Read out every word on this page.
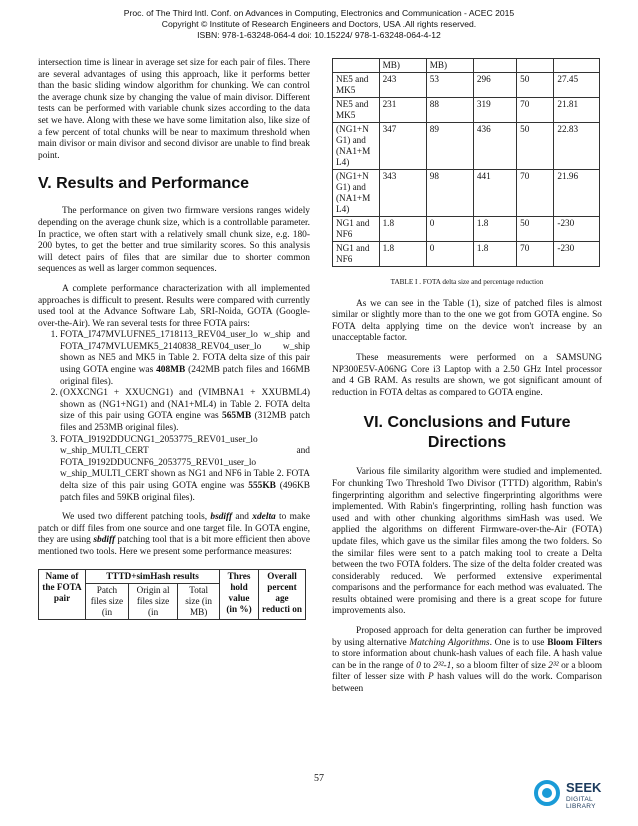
Proc. of The Third Intl. Conf. on Advances in Computing, Electronics and Communication - ACEC 2015
Copyright © Institute of Research Engineers and Doctors, USA .All rights reserved.
ISBN: 978-1-63248-064-4 doi: 10.15224/ 978-1-63248-064-4-12

intersection time is linear in average set size for each pair of files. There are several advantages of using this approach, like it performs better than the basic sliding window algorithm for chunking. We can control the average chunk size by changing the value of main divisor. Different tests can be performed with variable chunk sizes according to the data set we have. Along with these we have some limitation also, like size of a few percent of total chunks will be near to maximum threshold when main divisor or main divisor and second divisor are unable to find break point.

V. Results and Performance

The performance on given two firmware versions ranges widely depending on the average chunk size, which is a controllable parameter. In practice, we often start with a relatively small chunk size, e.g. 180-200 bytes, to get the better and true similarity scores. So this analysis will detect pairs of files that are similar due to shorter common sequences as well as larger common sequences.

A complete performance characterization with all implemented approaches is difficult to present. Results were compared with currently used tool at the Advance Software Lab, SRI-Noida, GOTA (Google-over-the-Air). We ran several tests for three FOTA pairs:

1. FOTA_I747MVLUFNE5_1718113_REV04_user_lo w_ship and FOTA_I747MVLUEMK5_2140838_REV04_user_lo w_ship shown as NE5 and MK5 in Table 2. FOTA delta size of this pair using GOTA engine was 408MB (242MB patch files and 166MB original files).
2. (OXXCNG1 + XXUCNG1) and (VIMBNA1 + XXUBML4) shown as (NG1+NG1) and (NA1+ML4) in Table 2. FOTA delta size of this pair using GOTA engine was 565MB (312MB patch files and 253MB original files).
3. FOTA_I9192DDUCNG1_2053775_REV01_user_lo w_ship_MULTI_CERT and FOTA_I9192DDUCNF6_2053775_REV01_user_lo w_ship_MULTI_CERT shown as NG1 and NF6 in Table 2. FOTA delta size of this pair using GOTA engine was 555KB (496KB patch files and 59KB original files).

We used two different patching tools, bsdiff and xdelta to make patch or diff files from one source and one target file. In GOTA engine, they are using sbdiff patching tool that is a bit more efficient then above mentioned two tools. Here we present some performance measures:

Name of the FOTA pair	TTTD+simHash results			Thres hold value (in %)	Overall percent age reducti on
	Patch files size (in	Origin al files size (in	Total size (in MB)		
	MB)	MB)			
NE5 and MK5	243	53	296	50	27.45
NE5 and MK5	231	88	319	70	21.81
(NG1+N G1) and (NA1+M L4)	347	89	436	50	22.83
(NG1+N G1) and (NA1+M L4)	343	98	441	70	21.96
NG1 and NF6	1.8	0	1.8	50	-230
NG1 and NF6	1.8	0	1.8	70	-230
TABLE I . FOTA delta size and percentage reduction

As we can see in the Table (1), size of patched files is almost similar or slightly more than to the one we got from GOTA engine. So FOTA delta applying time on the device won't increase by an unacceptable factor.

These measurements were performed on a SAMSUNG NP300E5V-A06NG Core i3 Laptop with a 2.50 GHz Intel processor and 4 GB RAM. As results are shown, we got significant amount of reduction in FOTA deltas as compared to GOTA engine.

VI. Conclusions and Future
Directions

Various file similarity algorithm were studied and implemented. For chunking Two Threshold Two Divisor (TTTD) algorithm, Rabin's fingerprinting algorithm and selective fingerprinting algorithms were implemented. With Rabin's fingerprinting, rolling hash function was used and with other chunking algorithms simHash was used. We applied the algorithms on different Firmware-over-the-Air (FOTA) update files, which gave us the similar files among the two folders. So the similar files were sent to a patch making tool to create a Delta between the two FOTA folders. The size of the delta folder created was considerably reduced. We performed extensive experimental comparisons and the performance for each method was evaluated. The results obtained were promising and there is a great scope for future improvements also.

Proposed approach for delta generation can further be improved by using alternative Matching Algorithms. One is to use Bloom Filters to store information about chunk-hash values of each file. A hash value can be in the range of 0 to 2³²-1, so a bloom filter of size 2³² or a bloom filter of lesser size with P hash values will do the work. Comparison between

57
SEEK
DIGITAL LIBRARY
